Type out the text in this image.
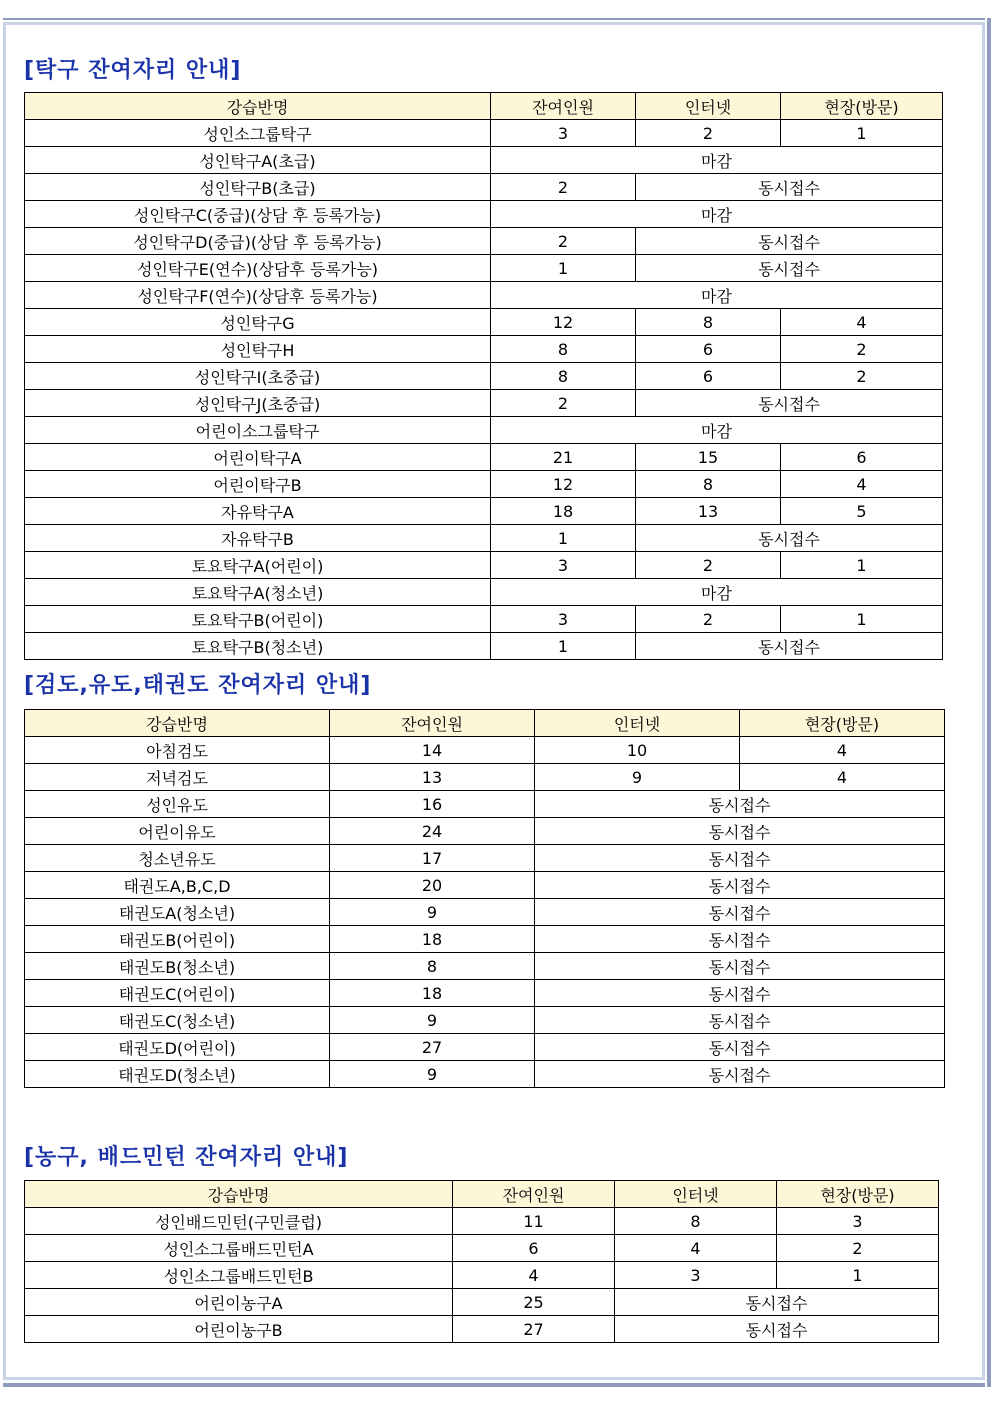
[탁구 잔여자리 안내]
강습반명	잔여인원	인터넷	현장(방문)
성인소그룹탁구	3	2	1
성인탁구A(초급)	마감		
성인탁구B(초급)	2	동시접수	
성인탁구C(중급)(상담 후 등록가능)	마감		
성인탁구D(중급)(상담 후 등록가능)	2	동시접수	
성인탁구E(연수)(상담후 등록가능)	1	동시접수	
성인탁구F(연수)(상담후 등록가능)	마감		
성인탁구G	12	8	4
성인탁구H	8	6	2
성인탁구I(초중급)	8	6	2
성인탁구J(초중급)	2	동시접수	
어린이소그룹탁구	마감		
어린이탁구A	21	15	6
어린이탁구B	12	8	4
자유탁구A	18	13	5
자유탁구B	1	동시접수	
토요탁구A(어린이)	3	2	1
토요탁구A(청소년)	마감		
토요탁구B(어린이)	3	2	1
토요탁구B(청소년)	1	동시접수	
[검도,유도,태권도 잔여자리 안내]
강습반명	잔여인원	인터넷	현장(방문)
아침검도	14	10	4
저녁검도	13	9	4
성인유도	16	동시접수	
어린이유도	24	동시접수	
청소년유도	17	동시접수	
태권도A,B,C,D	20	동시접수	
태권도A(청소년)	9	동시접수	
태권도B(어린이)	18	동시접수	
태권도B(청소년)	8	동시접수	
태권도C(어린이)	18	동시접수	
태권도C(청소년)	9	동시접수	
태권도D(어린이)	27	동시접수	
태권도D(청소년)	9	동시접수	
[농구, 배드민턴 잔여자리 안내]
강습반명	잔여인원	인터넷	현장(방문)
성인배드민턴(구민클럽)	11	8	3
성인소그룹배드민턴A	6	4	2
성인소그룹배드민턴B	4	3	1
어린이농구A	25	동시접수	
어린이농구B	27	동시접수	
